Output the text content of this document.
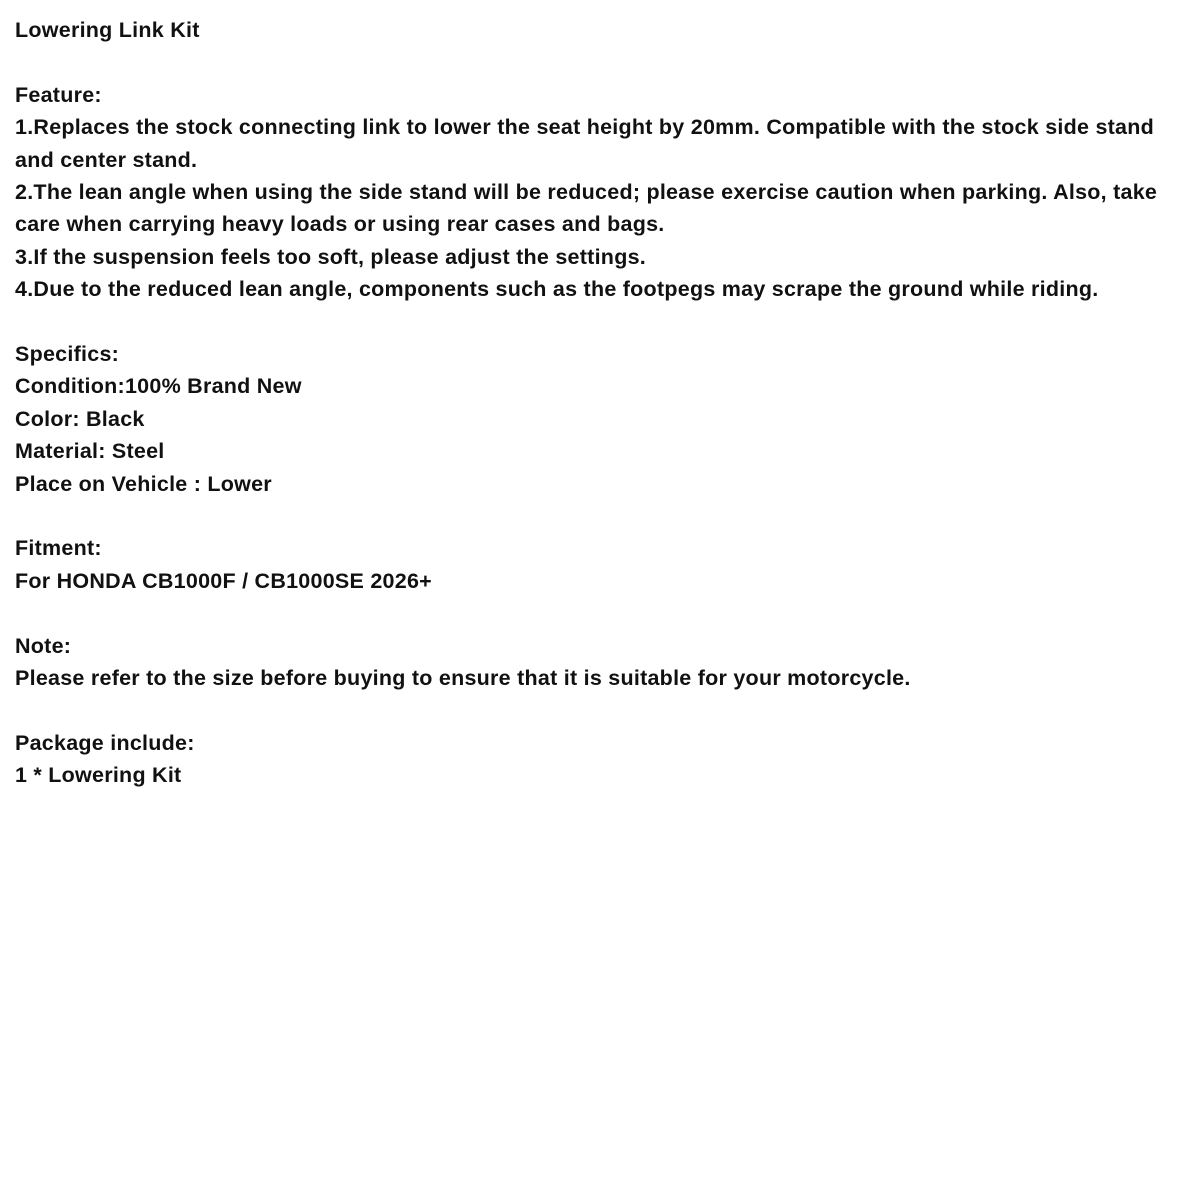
Lowering Link Kit
Feature:
1.Replaces the stock connecting link to lower the seat height by 20mm. Compatible with the stock side stand and center stand.
2.The lean angle when using the side stand will be reduced; please exercise caution when parking. Also, take care when carrying heavy loads or using rear cases and bags.
3.If the suspension feels too soft, please adjust the settings.
4.Due to the reduced lean angle, components such as the footpegs may scrape the ground while riding.
Specifics:
Condition:100% Brand New
Color: Black
Material: Steel
Place on Vehicle : Lower
Fitment:
For HONDA CB1000F / CB1000SE 2026+
Note:
Please refer to the size before buying to ensure that it is suitable for your motorcycle.
Package include:
1 * Lowering Kit
